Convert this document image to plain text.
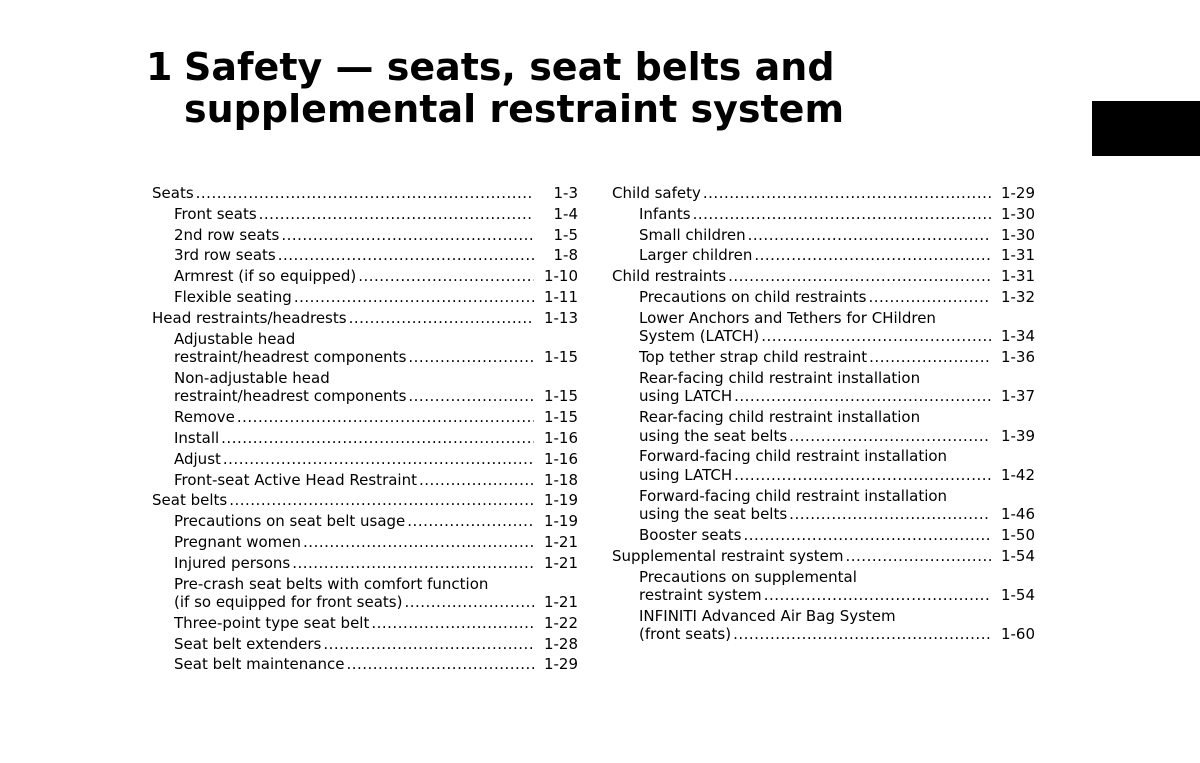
1 Safety — seats, seat belts and supplemental restraint system
Seats .....	1-3
Front seats .....	1-4
2nd row seats .....	1-5
3rd row seats .....	1-8
Armrest (if so equipped) .....	1-10
Flexible seating .....	1-11
Head restraints/headrests .....	1-13
Adjustable head
restraint/headrest components .....	1-15
Non-adjustable head
restraint/headrest components .....	1-15
Remove .....	1-15
Install .....	1-16
Adjust .....	1-16
Front-seat Active Head Restraint .....	1-18
Seat belts .....	1-19
Precautions on seat belt usage .....	1-19
Pregnant women .....	1-21
Injured persons .....	1-21
Pre-crash seat belts with comfort function
(if so equipped for front seats) .....	1-21
Three-point type seat belt .....	1-22
Seat belt extenders .....	1-28
Seat belt maintenance .....	1-29
Child safety .....	1-29
Infants .....	1-30
Small children .....	1-30
Larger children .....	1-31
Child restraints .....	1-31
Precautions on child restraints .....	1-32
Lower Anchors and Tethers for CHildren
System (LATCH) .....	1-34
Top tether strap child restraint .....	1-36
Rear-facing child restraint installation
using LATCH .....	1-37
Rear-facing child restraint installation
using the seat belts .....	1-39
Forward-facing child restraint installation
using LATCH .....	1-42
Forward-facing child restraint installation
using the seat belts .....	1-46
Booster seats .....	1-50
Supplemental restraint system .....	1-54
Precautions on supplemental
restraint system .....	1-54
INFINITI Advanced Air Bag System
(front seats) .....	1-60
